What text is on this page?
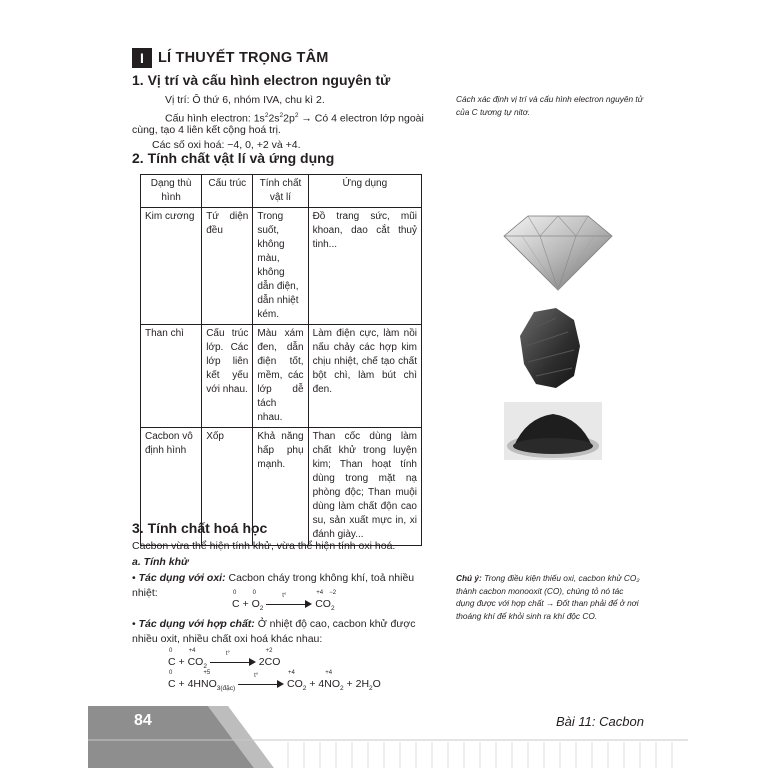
I LÍ THUYẾT TRỌNG TÂM
1. Vị trí và cấu hình electron nguyên tử
Vị trí: Ô thứ 6, nhóm IVA, chu kì 2.
Cấu hình electron: $1s^22s^22p^2$ → Có 4 electron lớp ngoài
cùng, tạo 4 liên kết cộng hoá trị.
Các số oxi hoá: −4, 0, +2 và +4.
Cách xác định vị trí và cấu hình electron nguyên tử của C tương tự nitơ.
2. Tính chất vật lí và ứng dụng
Dạng thù hình	Cấu trúc	Tính chất vật lí	Ứng dụng
Kim cương	Tứ diện đều	Trong suốt, không màu, không dẫn điện, dẫn nhiệt kém.	Đồ trang sức, mũi khoan, dao cắt thuỷ tinh...
Than chì	Cấu trúc lớp. Các lớp liên kết yếu với nhau.	Màu xám đen, dẫn điện tốt, mềm, các lớp dễ tách nhau.	Làm điện cực, làm nồi nấu chảy các hợp kim chịu nhiệt, chế tạo chất bột chì, làm bút chì đen.
Cacbon vô định hình	Xốp	Khả năng hấp phụ mạnh.	Than cốc dùng làm chất khử trong luyện kim; Than hoạt tính dùng trong mặt nạ phòng độc; Than muội dùng làm chất độn cao su, sản xuất mực in, xi đánh giày...
3. Tính chất hoá học
Cacbon vừa thể hiện tính khử, vừa thể hiện tính oxi hoá.
a. Tính khử
• Tác dụng với oxi: Cacbon cháy trong không khí, toả nhiều
nhiệt:	0
C +
0
$O_2$
t°

+4
CO
−2
$_2$
• Tác dụng với hợp chất: Ở nhiệt độ cao, cacbon khử được
nhiều oxit, nhiều chất oxi hoá khác nhau:
0
C +
+4
$CO_2$
t°
2
+2
CO
0
C + 4
+5
$HNO_{3(đặc)}$
t°

+4
$CO_2 + 4$
+4
$NO_2 + 2H_2O$
Chú ý: Trong điều kiện thiếu oxi, cacbon khử CO₂ thành cacbon monooxit (CO), chúng tỏ nó tác dụng được với hợp chất → Đốt than phải để ở nơi thoáng khí để khỏi sinh ra khí độc CO.
84	Bài 11: Cacbon
